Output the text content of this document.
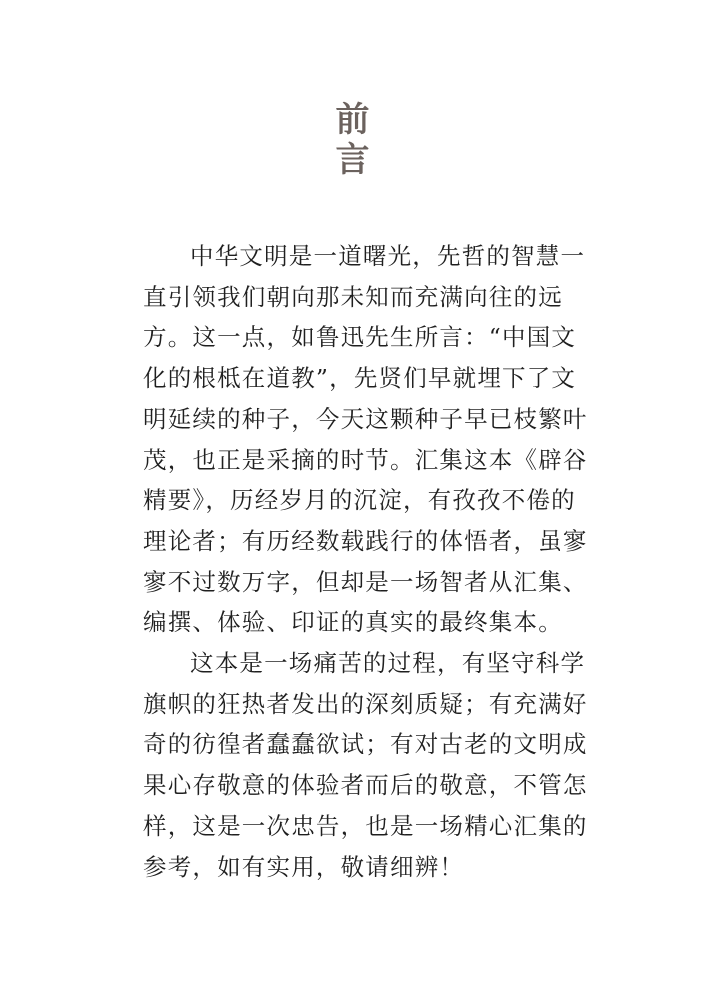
前
言
中华文明是一道曙光，先哲的智慧一
直引领我们朝向那未知而充满向往的远
方。这一点，如鲁迅先生所言：“中国文
化的根柢在道教”，先贤们早就埋下了文
明延续的种子，今天这颗种子早已枝繁叶
茂，也正是采摘的时节。汇集这本《辟谷
精要》，历经岁月的沉淀，有孜孜不倦的
理论者；有历经数载践行的体悟者，虽寥
寥不过数万字，但却是一场智者从汇集、
编撰、体验、印证的真实的最终集本。
这本是一场痛苦的过程，有坚守科学
旗帜的狂热者发出的深刻质疑；有充满好
奇的彷徨者蠢蠢欲试；有对古老的文明成
果心存敬意的体验者而后的敬意，不管怎
样，这是一次忠告，也是一场精心汇集的
参考，如有实用，敬请细辨！
